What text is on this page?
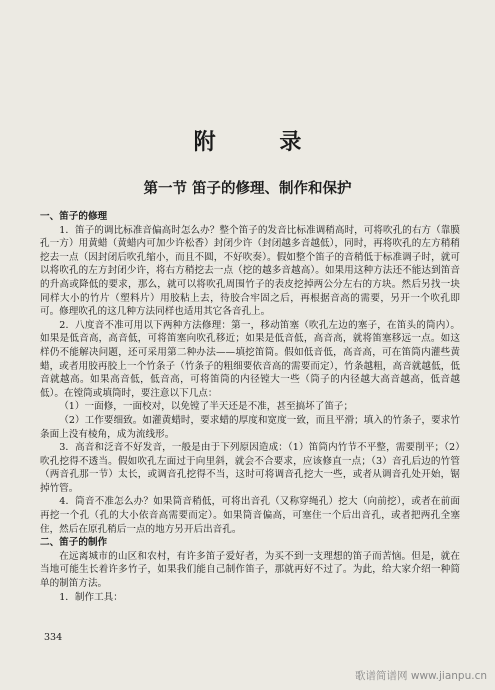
附 录
第一节 笛子的修理、制作和保护

一、笛子的修理

1．笛子的调比标准音偏高时怎么办？整个笛子的发音比标准调稍高时，可将吹孔的右方（靠膜孔一方）用黄蜡（黄蜡内可加少许松香）封闭少许（封闭越多音越低），同时，再将吹孔的左方稍稍挖去一点（因封闭后吹孔缩小，而且不圆，不好吹奏）。假如整个笛子的音稍低于标准调子时，就可以将吹孔的左方封闭少许，将右方稍挖去一点（挖的越多音越高）。如果用这种方法还不能达到笛音的升高或降低的要求，那么，就可以将吹孔周围竹子的表皮挖掉两公分左右的方块。然后另找一块同样大小的竹片（塑料片）用胶粘上去，待胶合牢固之后，再根据音高的需要，另开一个吹孔即可。修理吹孔的这几种方法同样也适用其它各音孔上。

2．八度音不准可用以下两种方法修理：第一，移动笛塞（吹孔左边的塞子，在笛头的筒内）。如果是低音高，高音低，可将笛塞向吹孔移近；如果是低音低，高音高，就将笛塞移远一点。如这样仍不能解决问题，还可采用第二种办法——填挖笛筒。假如低音低，高音高，可在笛筒内灌些黄蜡，或者用胶再胶上一个竹条子（竹条子的粗细要依音高的需要而定），竹条越粗，高音就越低，低音就越高。如果高音低，低音高，可将笛筒的内径镗大一些（筒子的内径越大高音越高，低音越低）。在镗筒或填筒时，要注意以下几点：

（1）一面修，一面校对，以免镗了半天还是不准，甚至搞坏了笛子；

（2）工作要细致。如灌黄蜡时，要求蜡的厚度和宽度一致，而且平滑；填入的竹条子，要求竹条面上没有棱角，成为流线形。

3．高音和泛音不好发音，一般是由于下列原因造成：（1）笛筒内竹节不平整，需要削平；（2）吹孔挖得不透当。假如吹孔左面过于向里斜，就会不合要求，应该修直一点；（3）音孔后边的竹管（两音孔那一节）太长，或调音孔挖得不当，这时可将调音孔挖大一些，或者从调音孔处开始，锯掉竹管。

4．筒音不准怎么办？如果筒音稍低，可将出音孔（又称穿绳孔）挖大（向前挖），或者在前面再挖一个孔（孔的大小依音高需要而定）。如果筒音偏高，可塞住一个后出音孔，或者把两孔全塞住，然后在原孔稍后一点的地方另开后出音孔。

二、笛子的制作

在远离城市的山区和农村，有许多笛子爱好者，为买不到一支理想的笛子而苦恼。但是，就在当地可能生长着许多竹子，如果我们能自己制作笛子，那就再好不过了。为此，给大家介绍一种简单的制笛方法。

1．制作工具：

334
歌谱简谱网 www.jianpu.cn
